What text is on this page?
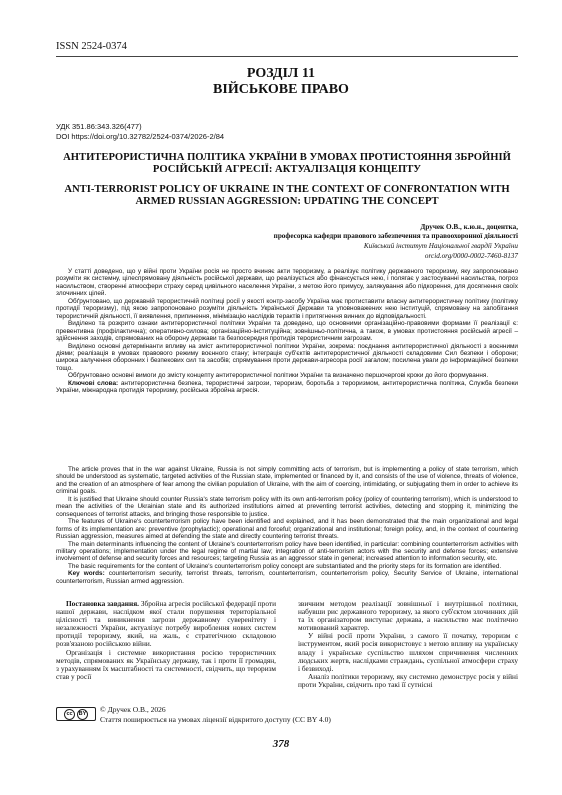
ISSN 2524-0374
РОЗДІЛ 11
ВІЙСЬКОВЕ ПРАВО
УДК 351.86:343.326(477)
DOI https://doi.org/10.32782/2524-0374/2026-2/84
АНТИТЕРОРИСТИЧНА ПОЛІТИКА УКРАЇНИ В УМОВАХ ПРОТИСТОЯННЯ ЗБРОЙНІЙ РОСІЙСЬКІЙ АГРЕСІЇ: АКТУАЛІЗАЦІЯ КОНЦЕПТУ
ANTI-TERRORIST POLICY OF UKRAINE IN THE CONTEXT OF CONFRONTATION WITH ARMED RUSSIAN AGGRESSION: UPDATING THE CONCEPT
Дручек О.В., к.ю.н., доцентка,
професорка кафедри правового забезпечення та правоохоронної діяльності
Київський інститут Національної гвардії України
orcid.org/0000-0002-7460-8137

У статті доведено, що у війні проти України росія не просто вчиняє акти тероризму, а реалізує політику державного тероризму, яку запропоновано розуміти як системну, цілеспрямовану діяльність російської держави, що реалізується або фінансується нею, і полягає у застосуванні насильства, погроз насильством, створенні атмосфери страху серед цивільного населення України, з метою його примусу, залякування або підкорення, для досягнення своїх злочинних цілей.

Обґрунтовано, що державній терористичній політиці росії у якості контр-засобу Україна має протиставити власну антитерористичну політику (політику протидії тероризму), під якою запропоновано розуміти діяльність Української Держави та уповноважених нею інституцій, спрямовану на запобігання терористичній діяльності, її виявлення, припинення, мінімізацію наслідків терактів і притягнення винних до відповідальності.

Виділено та розкрито ознаки антитерористичної політики України та доведено, що основними організаційно-правовими формами її реалізації є: превентивна (профілактична); оперативно-силова; організаційно-інституційна; зовнішньо-політична, а також, в умовах протистояння російській агресії – здійснення заходів, спрямованих на оборону держави та безпосередня протидія терористичним загрозам.

Виділено основні детермінанти впливу на зміст антитерористичної політики України, зокрема: поєднання антитерористичної діяльності з воєнними діями; реалізація в умовах правового режиму воєнного стану; інтеграція суб'єктів антитерористичної діяльності складовими Сил безпеки і оборони; широка залучення оборонних і безпекових сил та засобів; спрямування проти держави-агресора росії загалом; посилена уваги до інформаційної безпеки тощо.

Обґрунтовано основні вимоги до змісту концепту антитерористичної політики України та визначено першочергові кроки до його формування.

Ключові слова: антитерористична безпека, терористичні загрози, тероризм, боротьба з тероризмом, антитерористична політика, Служба безпеки України, міжнародна протидія тероризму, російська збройна агресія.

The article proves that in the war against Ukraine, Russia is not simply committing acts of terrorism, but is implementing a policy of state terrorism, which should be understood as systematic, targeted activities of the Russian state, implemented or financed by it, and consists of the use of violence, threats of violence, and the creation of an atmosphere of fear among the civilian population of Ukraine, with the aim of coercing, intimidating, or subjugating them in order to achieve its criminal goals.

It is justified that Ukraine should counter Russia's state terrorism policy with its own anti-terrorism policy (policy of countering terrorism), which is understood to mean the activities of the Ukrainian state and its authorized institutions aimed at preventing terrorist activities, detecting and stopping it, minimizing the consequences of terrorist attacks, and bringing those responsible to justice.

The features of Ukraine's counterterrorism policy have been identified and explained, and it has been demonstrated that the main organizational and legal forms of its implementation are: preventive (prophylactic); operational and forceful; organizational and institutional; foreign policy, and, in the context of countering Russian aggression, measures aimed at defending the state and directly countering terrorist threats.

The main determinants influencing the content of Ukraine's counterterrorism policy have been identified, in particular: combining counterterrorism activities with military operations; implementation under the legal regime of martial law; integration of anti-terrorism actors with the security and defense forces; extensive involvement of defense and security forces and resources; targeting Russia as an aggressor state in general; increased attention to information security, etc.

The basic requirements for the content of Ukraine's counterterrorism policy concept are substantiated and the priority steps for its formation are identified.

Key words: counterterrorism security, terrorist threats, terrorism, counterterrorism, counterterrorism policy, Security Service of Ukraine, international counterterrorism, Russian armed aggression.

Постановка завдання. Збройна агресія російської федерації проти нашої держави, наслідком якої стали порушення територіальної цілісності та виникнення загрози державному суверенітету і незалежності України, актуалізує потребу вироблення нових систем протидії тероризму, який, на жаль, є стратегічною складовою розв'язаною російською війни.

Організація і системне використання росією терористичних методів, спрямованих як Українську державу, так і проти її громадян, з урахуванням їх масштабності та системності, свідчить, що тероризм став у росії

звичним методом реалізації зовнішньої і внутрішньої політики, набувши рис державного тероризму, за якого суб'єктом злочинних дій та їх організатором виступає держава, а насильство має політично мотивований характер.

У війні росії проти України, з самого її початку, тероризм є інструментом, який росія використовує з метою впливу на українську владу і українське суспільство шляхом спричинення численних людських жертв, наслідками страждань, суспільної атмосфери страху і безвиході.

Аналіз політики тероризму, яку системно демонструє росія у війні проти України, свідчить про такі її сутнісні

cc	BY © Дручек О.В., 2026
Стаття поширюється на умовах ліцензії відкритого доступу (CC BY 4.0)
378
